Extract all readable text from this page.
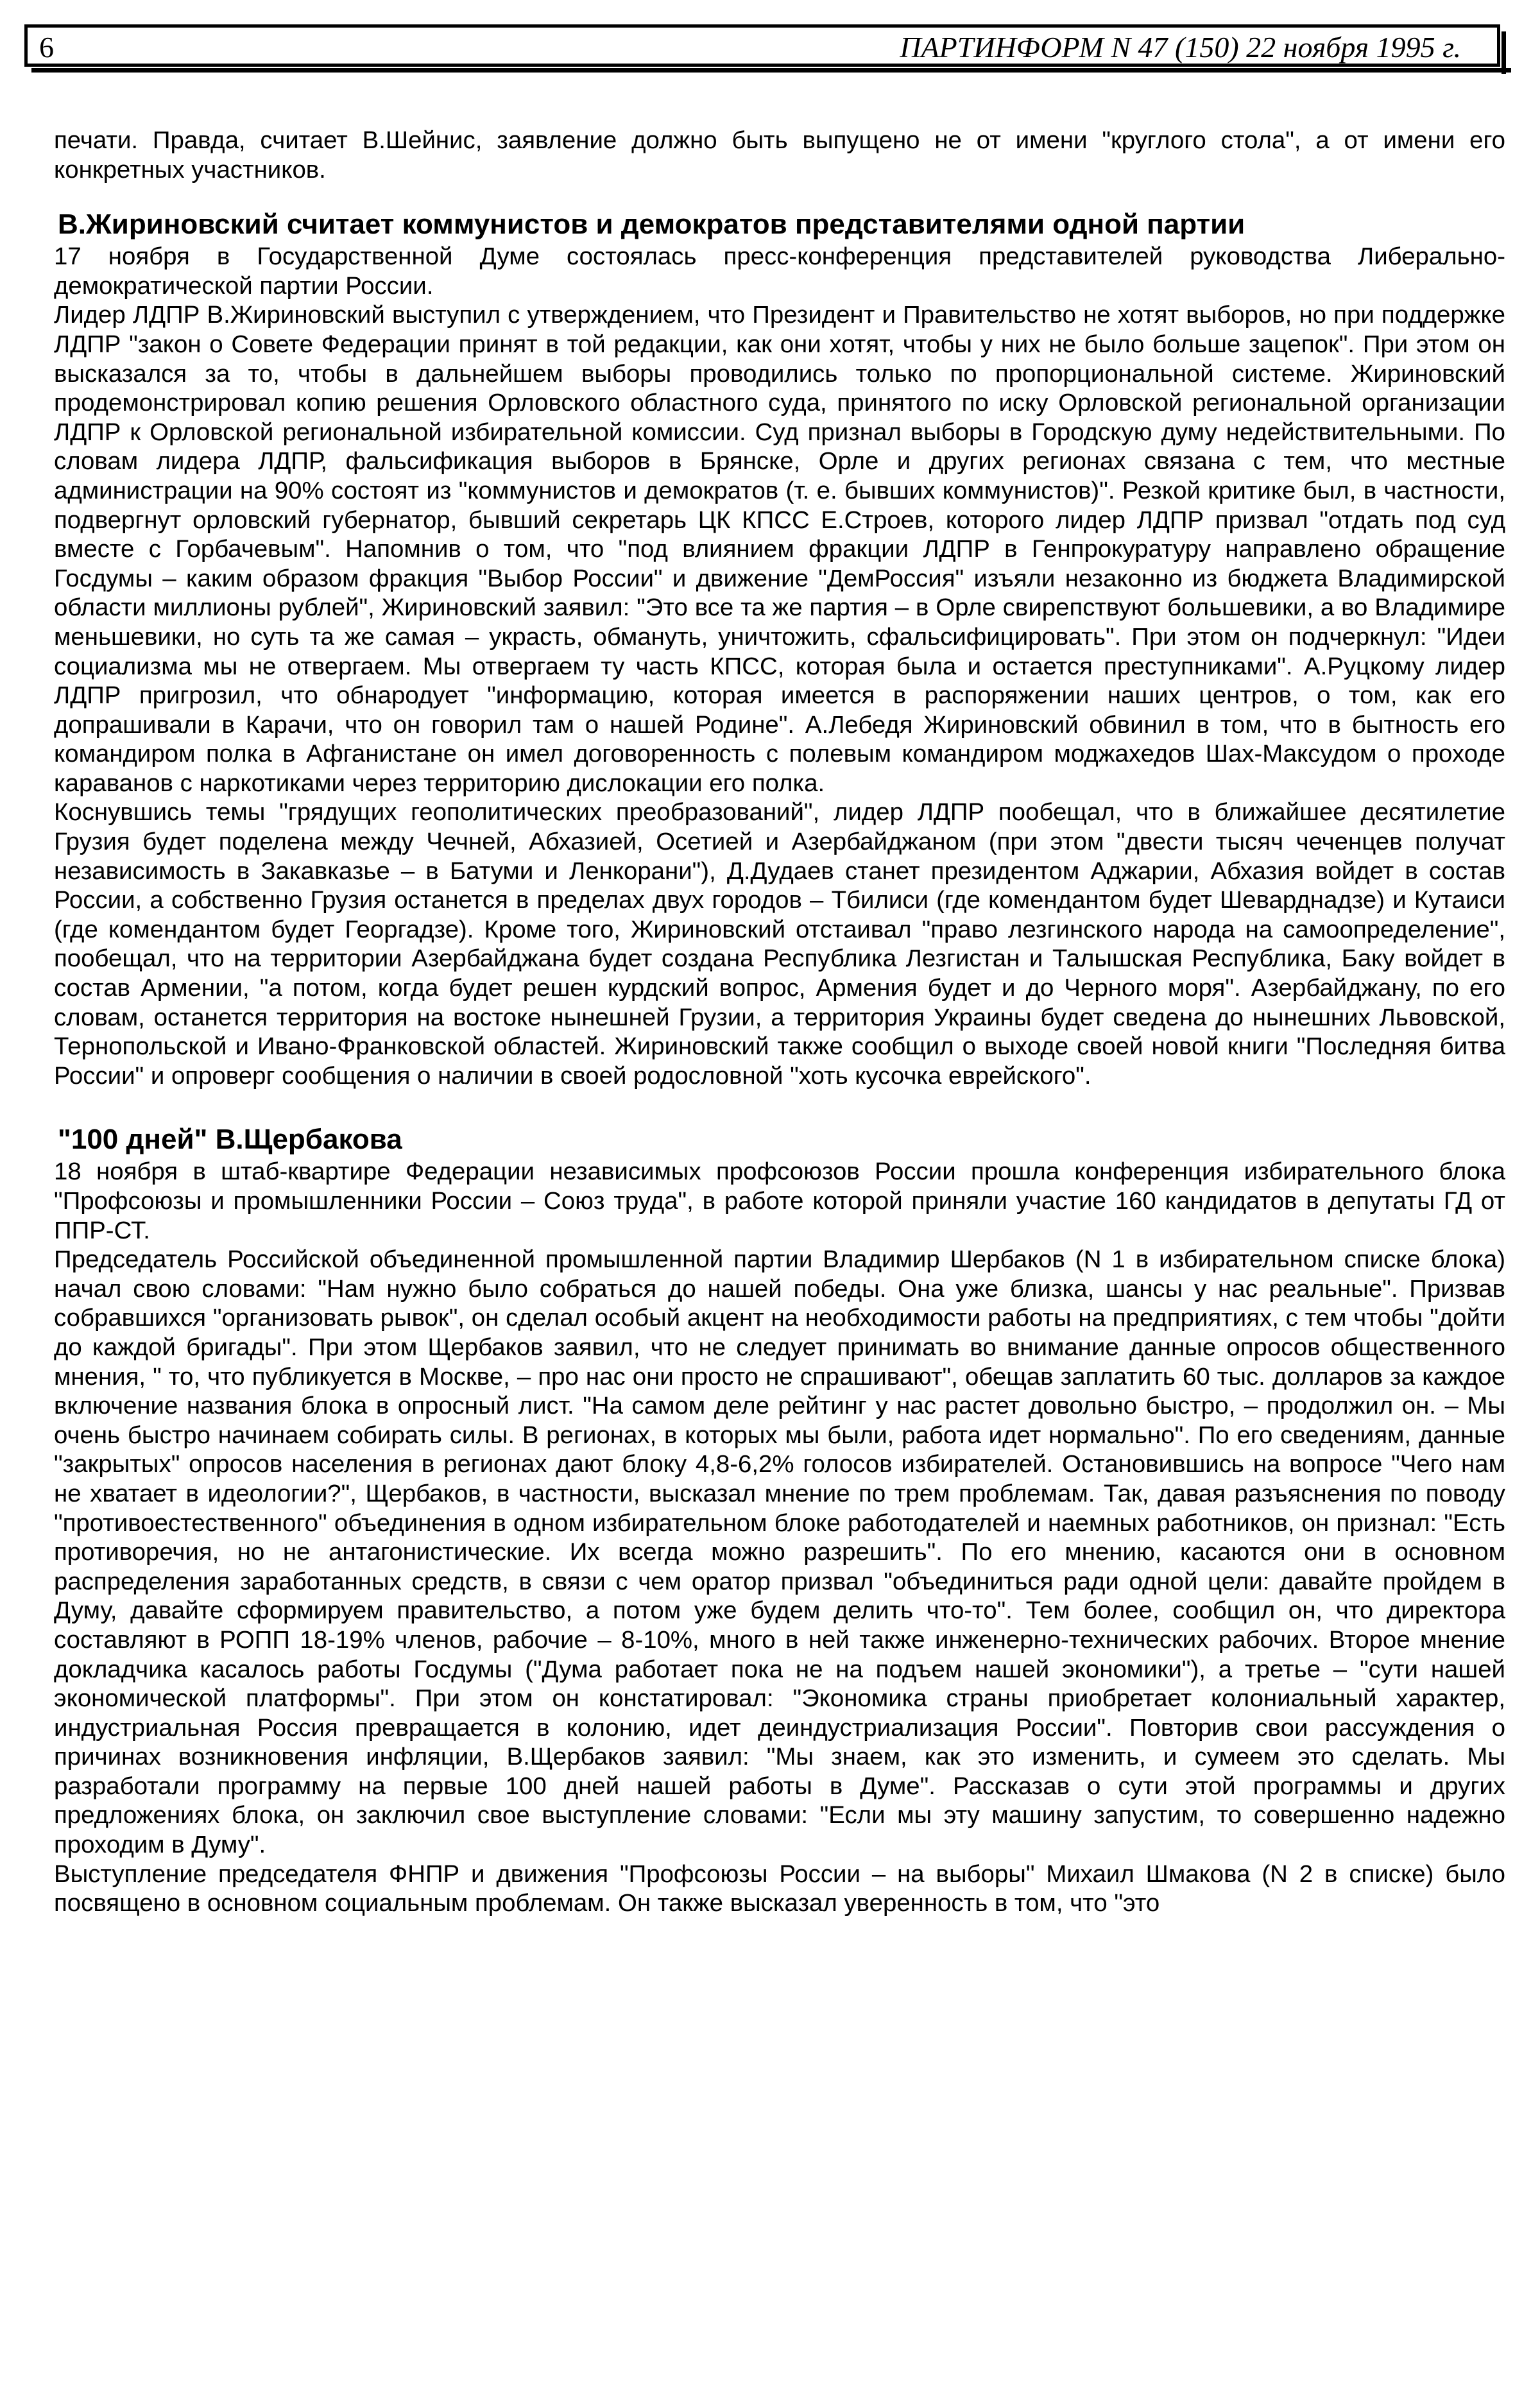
6	ПАРТИНФОРМ N 47 (150) 22 ноября 1995 г.

печати. Правда, считает В.Шейнис, заявление должно быть выпущено не от имени "круглого стола", а от имени его конкретных участников.

В.Жириновский считает коммунистов и демократов представителями одной партии

17 ноября в Государственной Думе состоялась пресс-конференция представителей руководства Либерально-демократической партии России.

Лидер ЛДПР В.Жириновский выступил с утверждением, что Президент и Правительство не хотят выборов, но при поддержке ЛДПР "закон о Совете Федерации принят в той редакции, как они хотят, чтобы у них не было больше зацепок". При этом он высказался за то, чтобы в дальнейшем выборы проводились только по пропорциональной системе. Жириновский продемонстрировал копию решения Орловского областного суда, принятого по иску Орловской региональной организации ЛДПР к Орловской региональной избирательной комиссии. Суд признал выборы в Городскую думу недействительными. По словам лидера ЛДПР, фальсификация выборов в Брянске, Орле и других регионах связана с тем, что местные администрации на 90% состоят из "коммунистов и демократов (т. е. бывших коммунистов)". Резкой критике был, в частности, подвергнут орловский губернатор, бывший секретарь ЦК КПСС Е.Строев, которого лидер ЛДПР призвал "отдать под суд вместе с Горбачевым". Напомнив о том, что "под влиянием фракции ЛДПР в Генпрокуратуру направлено обращение Госдумы – каким образом фракция "Выбор России" и движение "ДемРоссия" изъяли незаконно из бюджета Владимирской области миллионы рублей", Жириновский заявил: "Это все та же партия – в Орле свирепствуют большевики, а во Владимире меньшевики, но суть та же самая – украсть, обмануть, уничтожить, сфальсифицировать". При этом он подчеркнул: "Идеи социализма мы не отвергаем. Мы отвергаем ту часть КПСС, которая была и остается преступниками". А.Руцкому лидер ЛДПР пригрозил, что обнародует "информацию, которая имеется в распоряжении наших центров, о том, как его допрашивали в Карачи, что он говорил там о нашей Родине". А.Лебедя Жириновский обвинил в том, что в бытность его командиром полка в Афганистане он имел договоренность с полевым командиром моджахедов Шах-Максудом о проходе караванов с наркотиками через территорию дислокации его полка.

Коснувшись темы "грядущих геополитических преобразований", лидер ЛДПР пообещал, что в ближайшее десятилетие Грузия будет поделена между Чечней, Абхазией, Осетией и Азербайджаном (при этом "двести тысяч чеченцев получат независимость в Закавказье – в Батуми и Ленкорани"), Д.Дудаев станет президентом Аджарии, Абхазия войдет в состав России, а собственно Грузия останется в пределах двух городов – Тбилиси (где комендантом будет Шеварднадзе) и Кутаиси (где комендантом будет Георгадзе). Кроме того, Жириновский отстаивал "право лезгинского народа на самоопределение", пообещал, что на территории Азербайджана будет создана Республика Лезгистан и Талышская Республика, Баку войдет в состав Армении, "а потом, когда будет решен курдский вопрос, Армения будет и до Черного моря". Азербайджану, по его словам, останется территория на востоке нынешней Грузии, а территория Украины будет сведена до нынешних Львовской, Тернопольской и Ивано-Франковской областей. Жириновский также сообщил о выходе своей новой книги "Последняя битва России" и опроверг сообщения о наличии в своей родословной "хоть кусочка еврейского".

"100 дней" В.Щербакова

18 ноября в штаб-квартире Федерации независимых профсоюзов России прошла конференция избирательного блока "Профсоюзы и промышленники России – Союз труда", в работе которой приняли участие 160 кандидатов в депутаты ГД от ППР-СТ.

Председатель Российской объединенной промышленной партии Владимир Шербаков (N 1 в избирательном списке блока) начал свою словами: "Нам нужно было собраться до нашей победы. Она уже близка, шансы у нас реальные". Призвав собравшихся "организовать рывок", он сделал особый акцент на необходимости работы на предприятиях, с тем чтобы "дойти до каждой бригады". При этом Щербаков заявил, что не следует принимать во внимание данные опросов общественного мнения, " то, что публикуется в Москве, – про нас они просто не спрашивают", обещав заплатить 60 тыс. долларов за каждое включение названия блока в опросный лист. "На самом деле рейтинг у нас растет довольно быстро, – продолжил он. – Мы очень быстро начинаем собирать силы. В регионах, в которых мы были, работа идет нормально". По его сведениям, данные "закрытых" опросов населения в регионах дают блоку 4,8-6,2% голосов избирателей. Остановившись на вопросе "Чего нам не хватает в идеологии?", Щербаков, в частности, высказал мнение по трем проблемам. Так, давая разъяснения по поводу "противоестественного" объединения в одном избирательном блоке работодателей и наемных работников, он признал: "Есть противоречия, но не антагонистические. Их всегда можно разрешить". По его мнению, касаются они в основном распределения заработанных средств, в связи с чем оратор призвал "объединиться ради одной цели: давайте пройдем в Думу, давайте сформируем правительство, а потом уже будем делить что-то". Тем более, сообщил он, что директора составляют в РОПП 18-19% членов, рабочие – 8-10%, много в ней также инженерно-технических рабочих. Второе мнение докладчика касалось работы Госдумы ("Дума работает пока не на подъем нашей экономики"), а третье – "сути нашей экономической платформы". При этом он констатировал: "Экономика страны приобретает колониальный характер, индустриальная Россия превращается в колонию, идет деиндустриализация России". Повторив свои рассуждения о причинах возникновения инфляции, В.Щербаков заявил: "Мы знаем, как это изменить, и сумеем это сделать. Мы разработали программу на первые 100 дней нашей работы в Думе". Рассказав о сути этой программы и других предложениях блока, он заключил свое выступление словами: "Если мы эту машину запустим, то совершенно надежно проходим в Думу".

Выступление председателя ФНПР и движения "Профсоюзы России – на выборы" Михаил Шмакова (N 2 в списке) было посвящено в основном социальным проблемам. Он также высказал уверенность в том, что "это
